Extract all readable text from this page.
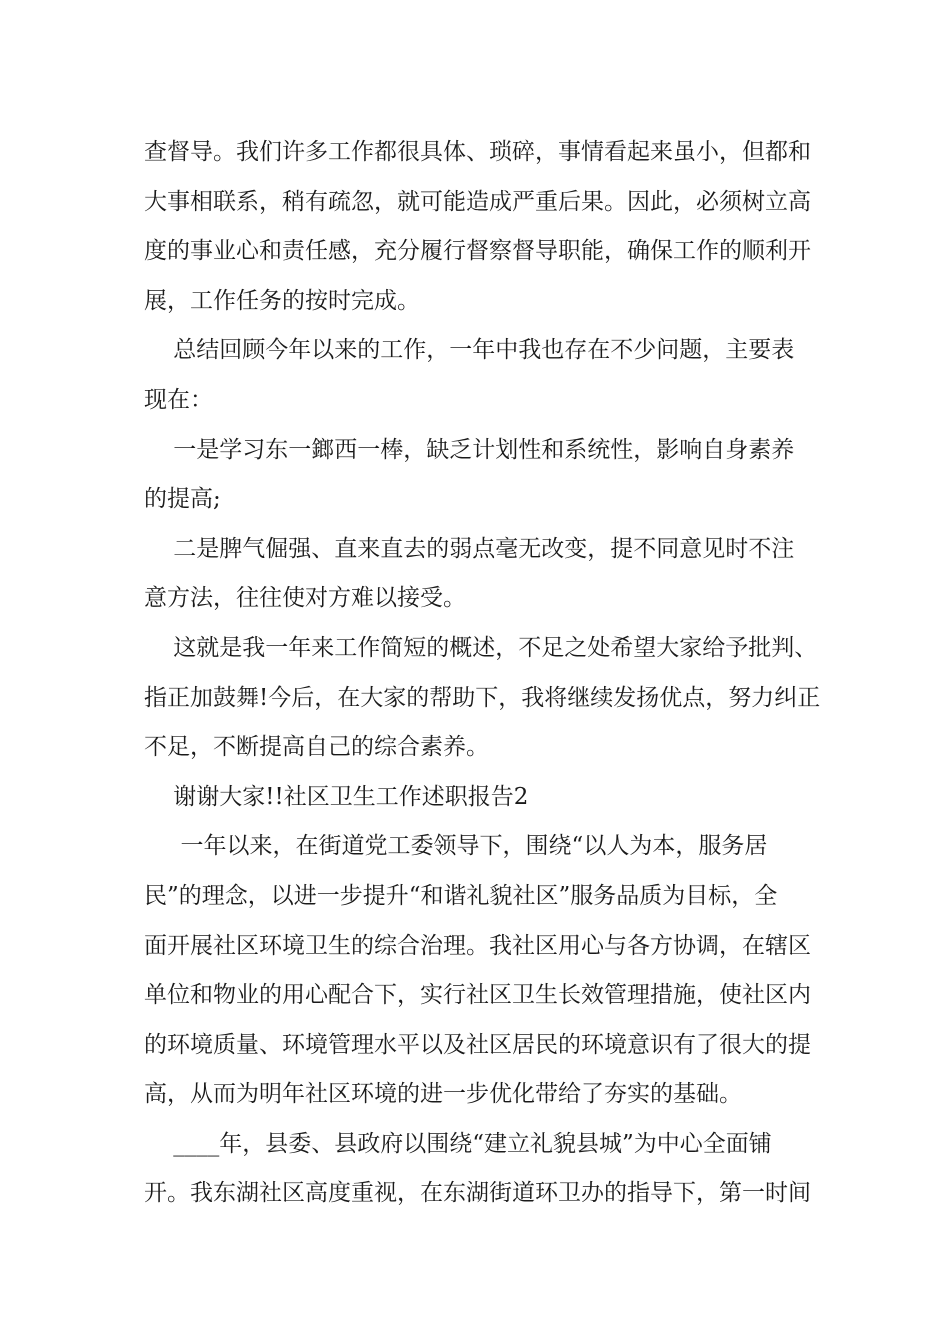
查督导。我们许多工作都很具体、琐碎，事情看起来虽小，但都和
大事相联系，稍有疏忽，就可能造成严重后果。因此，必须树立高
度的事业心和责任感，充分履行督察督导职能，确保工作的顺利开
展，工作任务的按时完成。
总结回顾今年以来的工作，一年中我也存在不少问题，主要表
现在：
一是学习东一鎯西一棒，缺乏计划性和系统性，影响自身素养
的提高;
二是脾气倔强、直来直去的弱点毫无改变，提不同意见时不注
意方法，往往使对方难以接受。
这就是我一年来工作简短的概述，不足之处希望大家给予批判、
指正加鼓舞!今后，在大家的帮助下，我将继续发扬优点，努力纠正
不足，不断提高自己的综合素养。
谢谢大家!!社区卫生工作述职报告2
一年以来，在街道党工委领导下，围绕“以人为本，服务居
民”的理念，以进一步提升“和谐礼貌社区”服务品质为目标，全
面开展社区环境卫生的综合治理。我社区用心与各方协调，在辖区
单位和物业的用心配合下，实行社区卫生长效管理措施，使社区内
的环境质量、环境管理水平以及社区居民的环境意识有了很大的提
高，从而为明年社区环境的进一步优化带给了夯实的基础。
____年，县委、县政府以围绕“建立礼貌县城”为中心全面铺
开。我东湖社区高度重视，在东湖街道环卫办的指导下，第一时间
